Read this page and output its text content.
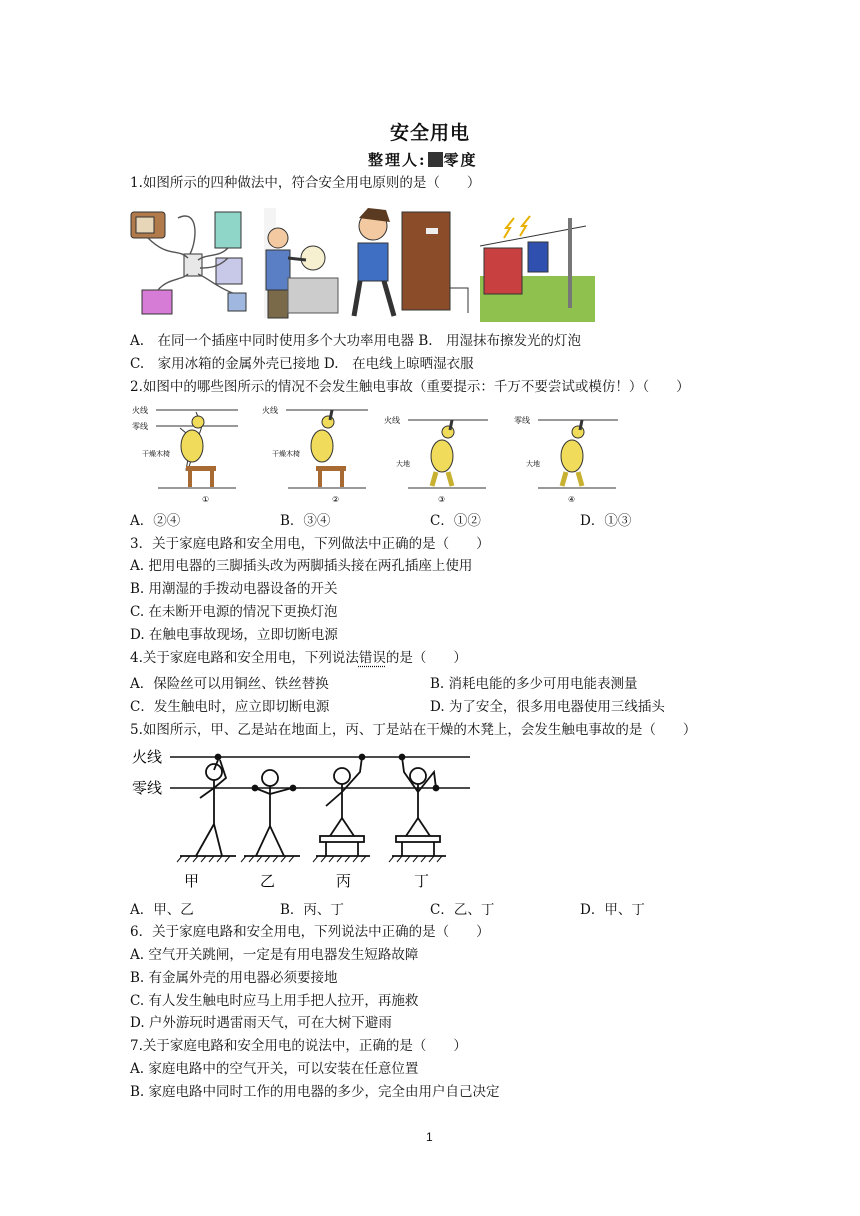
安全用电
整理人: 零度
1.如图所示的四种做法中，符合安全用电原则的是（　　）
A.　在同一个插座中同时使用多个大功率用电器 B.　用湿抹布擦发光的灯泡
C.　家用冰箱的金属外壳已接地 D.　在电线上晾晒湿衣服
2.如图中的哪些图所示的情况不会发生触电事故（重要提示：千万不要尝试或模仿！）（　　）
火线
零线
干燥木椅
①
火线
干燥木椅
②
火线
大地
③
零线
大地
④
A．②④	B．③④	C．①②	D．①③
3．关于家庭电路和安全用电，下列做法中正确的是（　　）
A. 把用电器的三脚插头改为两脚插头接在两孔插座上使用
B. 用潮湿的手拨动电器设备的开关
C. 在未断开电源的情况下更换灯泡
D. 在触电事故现场，立即切断电源
4.关于家庭电路和安全用电，下列说法错误的是（　　）
A．保险丝可以用铜丝、铁丝替换	B. 消耗电能的多少可用电能表测量
C．发生触电时，应立即切断电源	D. 为了安全，很多用电器使用三线插头
5.如图所示，甲、乙是站在地面上，丙、丁是站在干燥的木凳上，会发生触电事故的是（　　）
火线
零线
甲	乙	丙	丁
A．甲、乙	B．丙、丁	C．乙、丁	D．甲、丁
6．关于家庭电路和安全用电，下列说法中正确的是（　　）
A. 空气开关跳闸，一定是有用电器发生短路故障
B. 有金属外壳的用电器必须要接地
C. 有人发生触电时应马上用手把人拉开，再施救
D. 户外游玩时遇雷雨天气，可在大树下避雨
7.关于家庭电路和安全用电的说法中，正确的是（　　）
A. 家庭电路中的空气开关，可以安装在任意位置
B. 家庭电路中同时工作的用电器的多少，完全由用户自己决定
1
